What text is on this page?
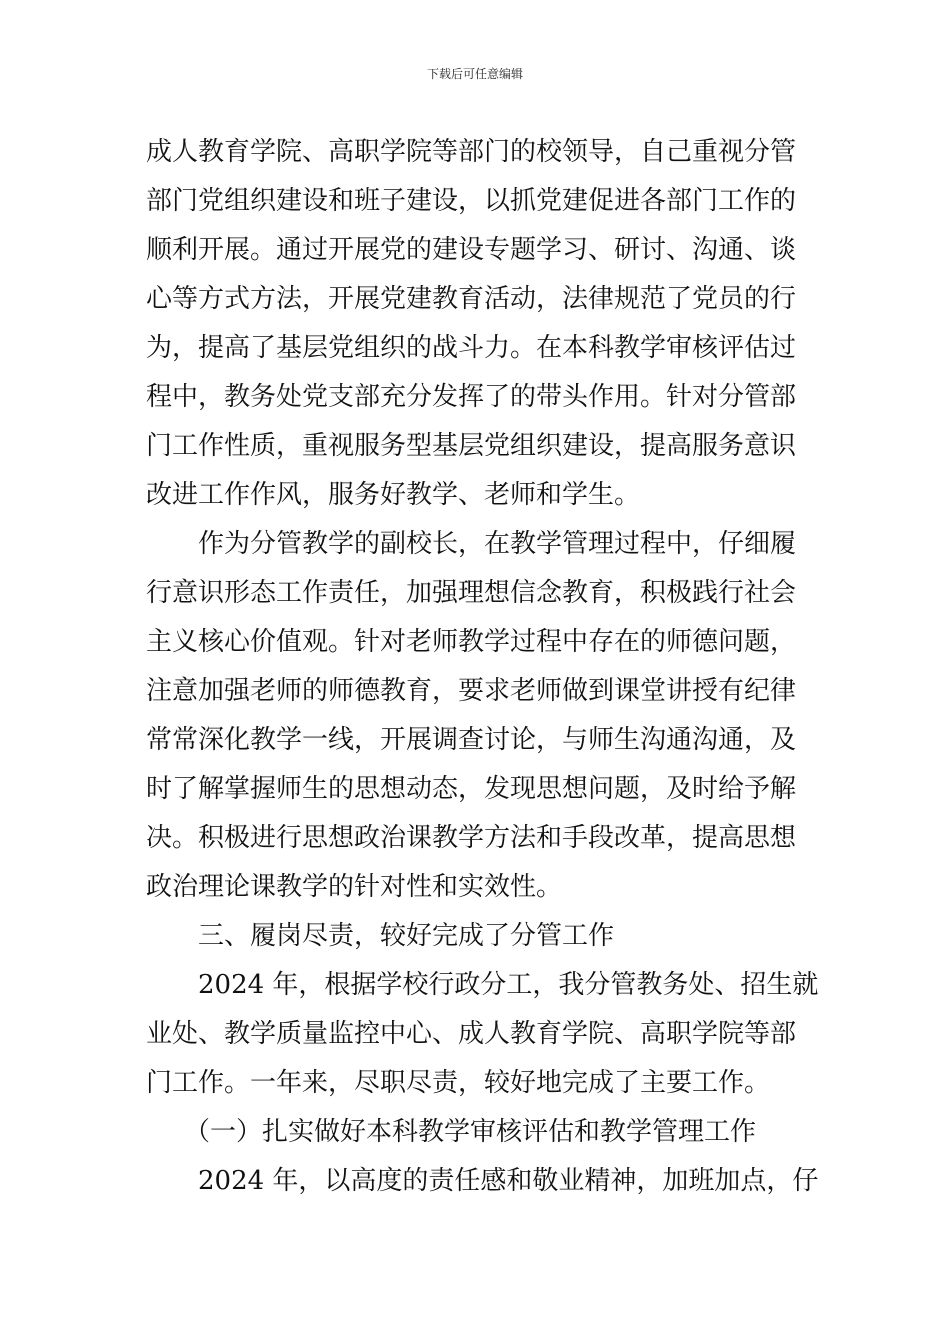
下载后可任意编辑
成人教育学院、高职学院等部门的校领导，自己重视分管
部门党组织建设和班子建设，以抓党建促进各部门工作的
顺利开展。通过开展党的建设专题学习、研讨、沟通、谈
心等方式方法，开展党建教育活动，法律规范了党员的行
为，提高了基层党组织的战斗力。在本科教学审核评估过
程中，教务处党支部充分发挥了的带头作用。针对分管部
门工作性质，重视服务型基层党组织建设，提高服务意识
改进工作作风，服务好教学、老师和学生。
作为分管教学的副校长，在教学管理过程中，仔细履
行意识形态工作责任，加强理想信念教育，积极践行社会
主义核心价值观。针对老师教学过程中存在的师德问题，
注意加强老师的师德教育，要求老师做到课堂讲授有纪律
常常深化教学一线，开展调查讨论，与师生沟通沟通，及
时了解掌握师生的思想动态，发现思想问题，及时给予解
决。积极进行思想政治课教学方法和手段改革，提高思想
政治理论课教学的针对性和实效性。
三、履岗尽责，较好完成了分管工作
2024 年，根据学校行政分工，我分管教务处、招生就
业处、教学质量监控中心、成人教育学院、高职学院等部
门工作。一年来，尽职尽责，较好地完成了主要工作。
（一）扎实做好本科教学审核评估和教学管理工作
2024 年，以高度的责任感和敬业精神，加班加点，仔
